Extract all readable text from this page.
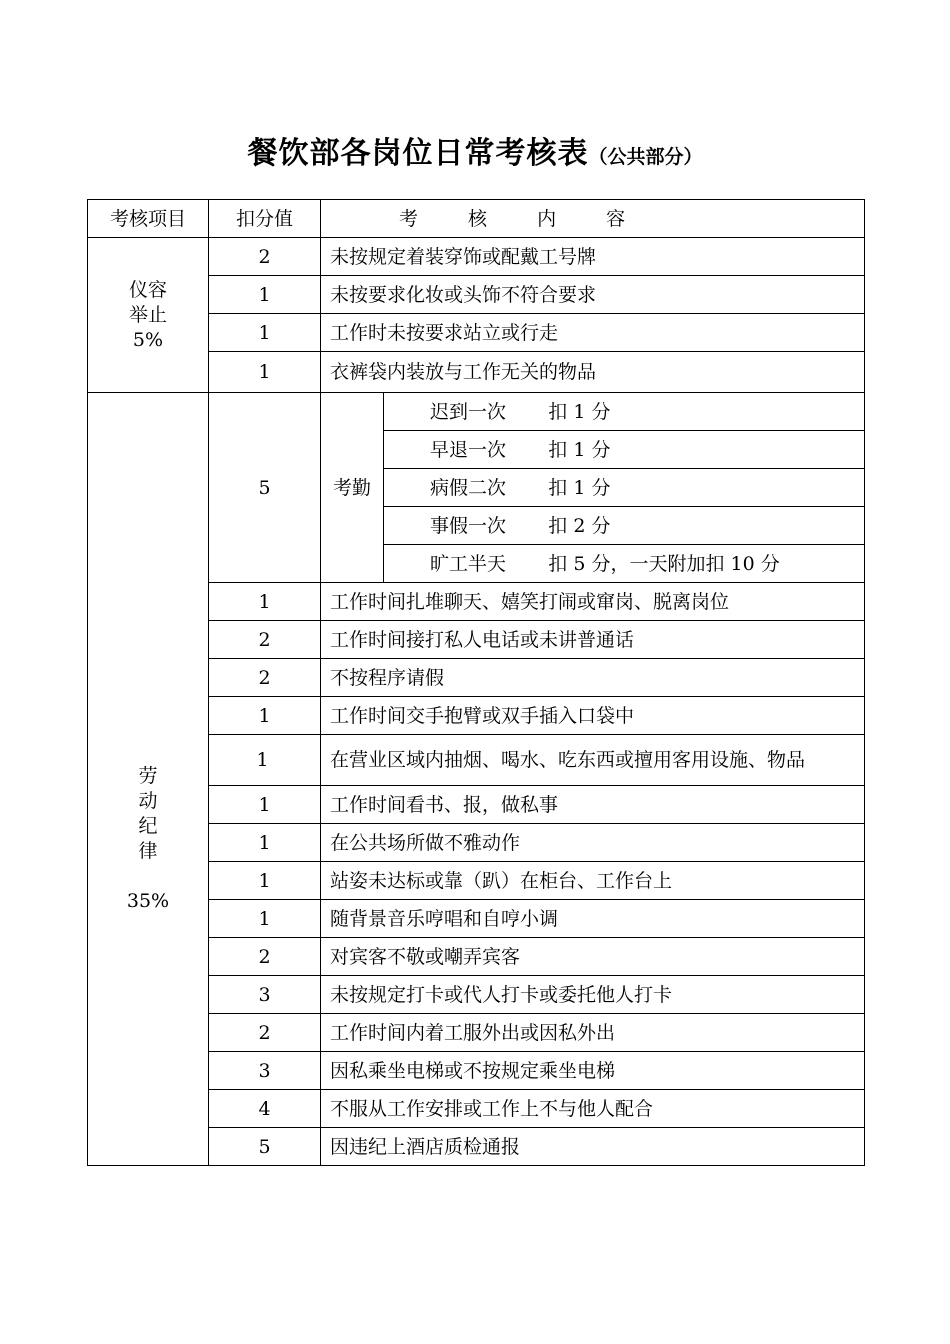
餐饮部各岗位日常考核表（公共部分）
考核项目	扣分值	考 核 内 容	

仪容
举止
5%	2	未按规定着装穿饰或配戴工号牌	
	1	未按要求化妆或头饰不符合要求	
	1	工作时未按要求站立或行走	
	1	衣裤袋内装放与工作无关的物品	

劳
动
纪
律
35%	5	考勤	迟到一次 扣 1 分
			早退一次 扣 1 分
			病假二次 扣 1 分
			事假一次 扣 2 分
			旷工半天 扣 5 分，一天附加扣 10 分
	1	工作时间扎堆聊天、嬉笑打闹或窜岗、脱离岗位	
	2	工作时间接打私人电话或未讲普通话	
	2	不按程序请假	
	1	工作时间交手抱臂或双手插入口袋中	
	1	在营业区域内抽烟、喝水、吃东西或擅用客用设施、物品	
	1	工作时间看书、报，做私事	
	1	在公共场所做不雅动作	
	1	站姿未达标或靠（趴）在柜台、工作台上	
	1	随背景音乐哼唱和自哼小调	
	2	对宾客不敬或嘲弄宾客	
	3	未按规定打卡或代人打卡或委托他人打卡	
	2	工作时间内着工服外出或因私外出	
	3	因私乘坐电梯或不按规定乘坐电梯	
	4	不服从工作安排或工作上不与他人配合	
	5	因违纪上酒店质检通报	
